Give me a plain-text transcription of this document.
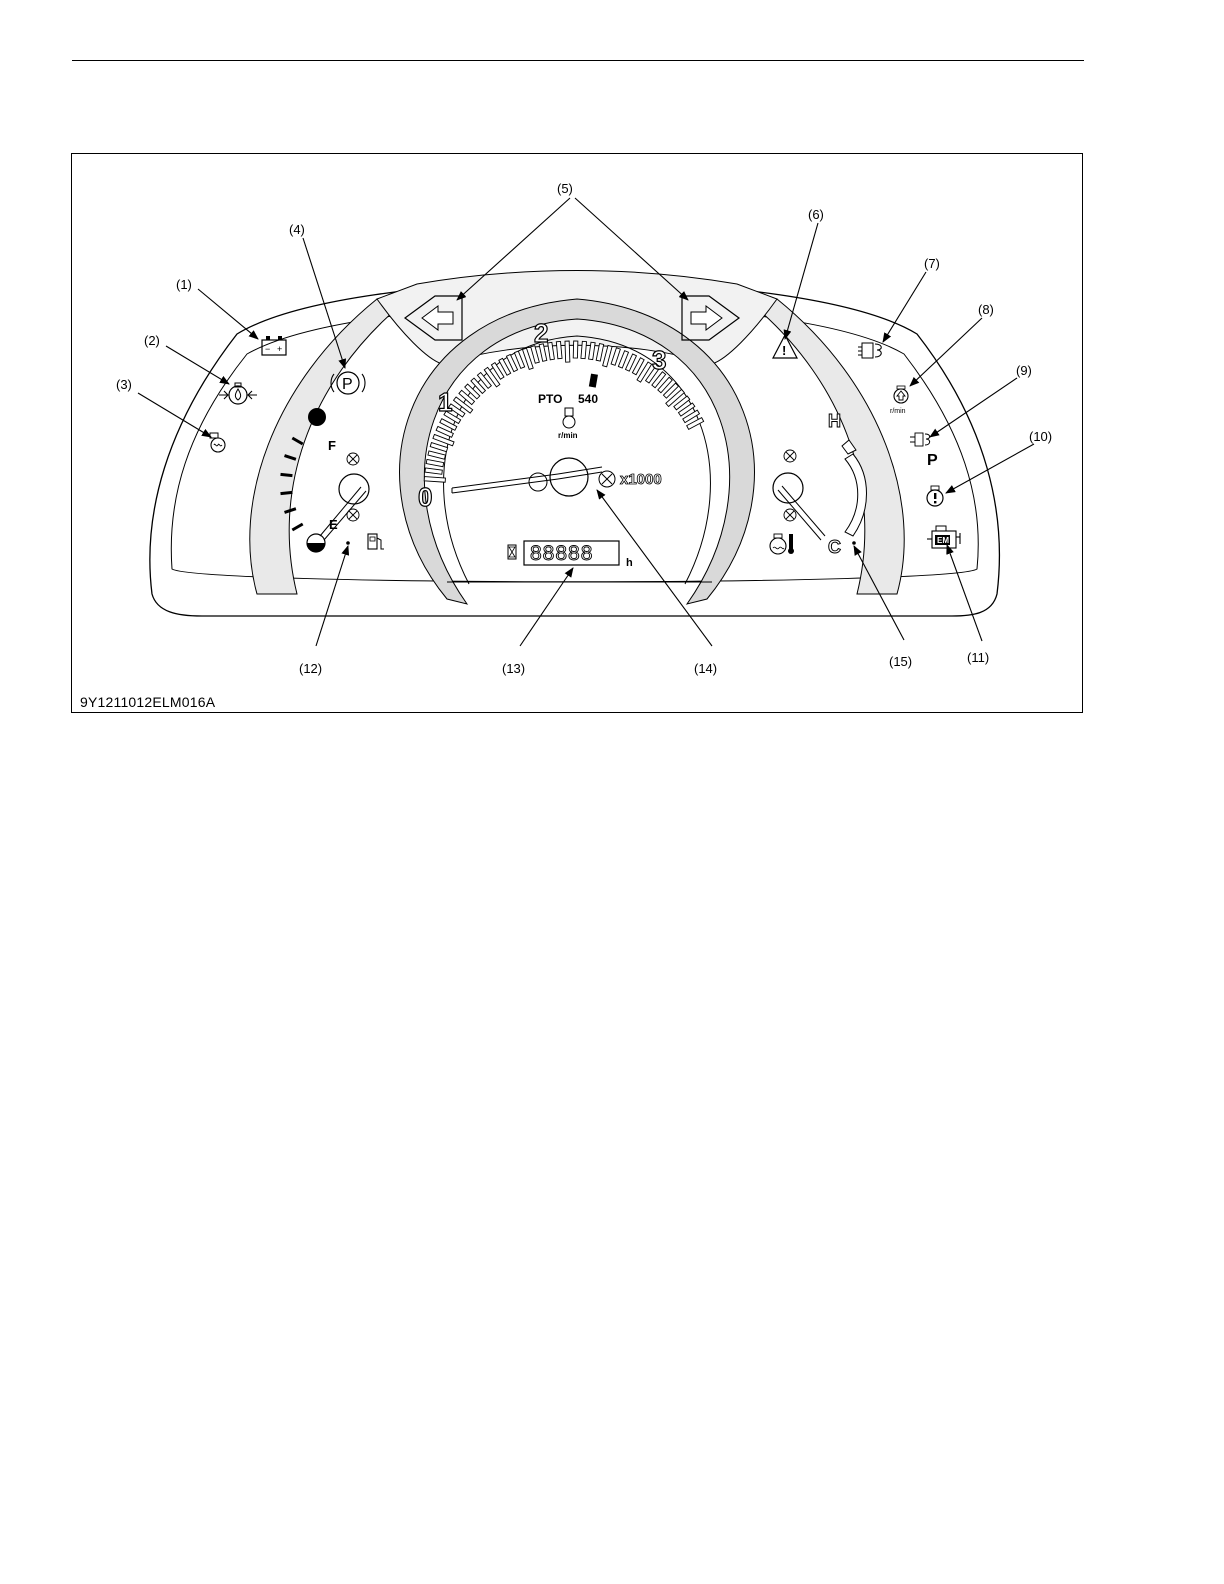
0
1
2
3
PTO 540
r/min
x1000
88888	h
− +
P
F
E
!
r/min
P
EM
H
C
(1)
(2)
(3)
(4)
(5)
(6)
(7)
(8)
(9)
(10)
(11)
(12)	(13)	(14)	(15)
9Y1211012ELM016A
